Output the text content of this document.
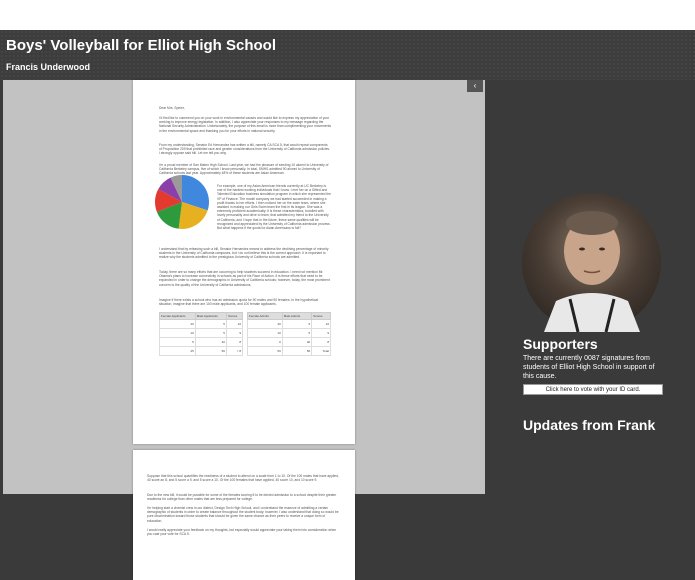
Boys' Volleyball for Elliot High School
Francis Underwood
Dear Mrs. Speier,
I'd first like to commend you on your work in environmental causes and would like to express my appreciation of your working to improve energy legislation. In addition, I also appreciate your responses to my message regarding the National Security Administration. Unfortunately, the purpose of this email is more than complimenting your movements in the environmental space and thanking you for your efforts in national security.
From my understanding, Senator Ed Hernandez has written a bill, namely CA SCA 5, that would repeal components of Proposition 209 that prohibited race and gender considerations from the University of California admission policies. I strongly oppose said bill. Let me tell you why.
I'm a proud member of San Mateo High School. Last year, we had the pleasure of sending 10 alumni to University of California Berkeley campus, five of which I know personally. In total, SMHS admitted 90 alumni to University of California schools last year. Approximately 48% of these students are Asian American.
For example, one of my Asian American friends currently at UC Berkeley is one of the hardest working individuals that I know. I met her on a Gifted and Talented Education business simulation program in which she represented the VP of Finance. The model company we had started succeeded in making a profit thanks to her efforts. I then noticed her on the swim team, where she assisted in making our Girls Swim team the first in its league. She was a extremely proficient academically; it is these characteristics, bundled with lovely personality and drive to learn, that admitted my friend to the University of California, and I hope that in the future, these same qualities will be recognized and appreciated by the University of California admission process. But what happens if the quota for Asian Americans is full?
I understand that by releasing such a bill, Senator Hernandez means to address the declining percentage of minority students in the University of California campuses, but I do not believe this is the correct approach. It is important to realize why the students admitted to the prestigious University of California schools are admitted.
Today, there are so many efforts that are occurring to help students succeed in education. I need not mention Mr. Obama's plans to increase connectivity in schools as part of his Race of Action. It is these efforts that need to be expanded in order to change the demographic in University of California schools; however, today, the most prominent concern is the quality of the University of California admissions.
Imagine if there exists a school who has an admission quota for 90 males and 90 females. In the hypothetical situation, imagine that there are 100 male applicants, and 100 female applicants.
Female Applicants	Male Applicants	Scores
40	5	10
10	5	9
5	40	8
45	50	< 8
Female Admits	Male Admits	Scores
40	5	10
10	5	9
0	40	8
50	50	Total
Suppose that this school quantifies the readiness of a student to attend on a scale from 1 to 10. Of the 100 males that have applied, 40 score an 8, and 5 score a 9, and 5 score a 10. Of the 100 females that have applied, 40 score 10, and 10 score 9.
Due to the new bill, it would be possible for some of the females scoring 8 to be denied admission to a school despite their greater readiness for college than other males that are less prepared for college.
I'm helping start a chemist crew in our district, Design Tech High School, and I understand the essence of admitting a certain demographic of students in order to create balance throughout the student body; however, I also understand that doing so would be pure discrimination toward those students that should be given the same chance as their peers to receive a unique form of education.
I would really appreciate your feedback on my thoughts, but especially would appreciate your taking them into consideration when you cast your vote for SCA 5.
‹
Supporters
There are currently 0087 signatures from students of Elliot High School in support of this cause.
Click here to vote with your ID card.
Updates from Frank
